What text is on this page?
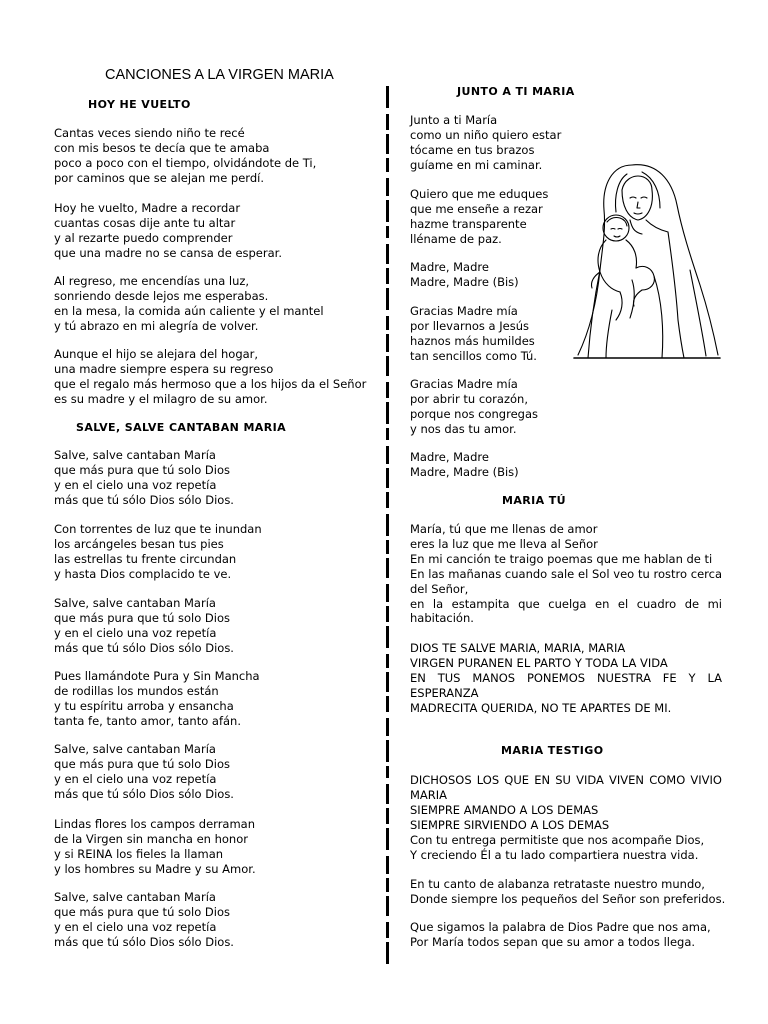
CANCIONES A LA VIRGEN MARIA
HOY HE VUELTO
Cantas veces siendo niño te recé
con mis besos te decía que te amaba
poco a poco con el tiempo, olvidándote de Ti,
por caminos que se alejan me perdí.
Hoy he vuelto, Madre a recordar
cuantas cosas dije ante tu altar
y al rezarte puedo comprender
que una madre no se cansa de esperar.
Al regreso, me encendías una luz,
sonriendo desde lejos me esperabas.
en la mesa, la comida aún caliente y el mantel
y tú abrazo en mi alegría de volver.
Aunque el hijo se alejara del hogar,
una madre siempre espera su regreso
que el regalo más hermoso que a los hijos da el Señor
es su madre y el milagro de su amor.
SALVE, SALVE CANTABAN MARIA
Salve, salve cantaban María
que más pura que tú solo Dios
y en el cielo una voz repetía
más que tú sólo Dios sólo Dios.
Con torrentes de luz que te inundan
los arcángeles besan tus pies
las estrellas tu frente circundan
y hasta Dios complacido te ve.
Salve, salve cantaban María
que más pura que tú solo Dios
y en el cielo una voz repetía
más que tú sólo Dios sólo Dios.
Pues llamándote Pura y Sin Mancha
de rodillas los mundos están
y tu espíritu arroba y ensancha
tanta fe, tanto amor, tanto afán.
Salve, salve cantaban María
que más pura que tú solo Dios
y en el cielo una voz repetía
más que tú sólo Dios sólo Dios.
Lindas flores los campos derraman
de la Virgen sin mancha en honor
y si REINA los fieles la llaman
y los hombres su Madre y su Amor.
Salve, salve cantaban María
que más pura que tú solo Dios
y en el cielo una voz repetía
más que tú sólo Dios sólo Dios.
JUNTO A TI MARIA
Junto a ti María
como un niño quiero estar
tócame en tus brazos
guíame en mi caminar.
Quiero que me eduques
que me enseñe a rezar
hazme transparente
lléname de paz.
Madre, Madre
Madre, Madre (Bis)
Gracias Madre mía
por llevarnos a Jesús
haznos más humildes
tan sencillos como Tú.
Gracias Madre mía
por abrir tu corazón,
porque nos congregas
y nos das tu amor.
Madre, Madre
Madre, Madre (Bis)
MARIA TÚ
María, tú que me llenas de amor
eres la luz que me lleva al Señor
En mi canción te traigo poemas que me hablan de ti
En las mañanas cuando sale el Sol veo tu rostro cerca del Señor,
en la estampita que cuelga en el cuadro de mi habitación.
DIOS TE SALVE MARIA, MARIA, MARIA
VIRGEN PURANEN EL PARTO Y TODA LA VIDA
EN TUS MANOS PONEMOS NUESTRA FE Y LA ESPERANZA
MADRECITA QUERIDA, NO TE APARTES DE MI.
MARIA TESTIGO
DICHOSOS LOS QUE EN SU VIDA VIVEN COMO VIVIO MARIA
SIEMPRE AMANDO A LOS DEMAS
SIEMPRE SIRVIENDO A LOS DEMAS
Con tu entrega permitiste que nos acompañe Dios,
Y creciendo Él a tu lado compartiera nuestra vida.
En tu canto de alabanza retrataste nuestro mundo,
Donde siempre los pequeños del Señor son preferidos.
Que sigamos la palabra de Dios Padre que nos ama,
Por María todos sepan que su amor a todos llega.
